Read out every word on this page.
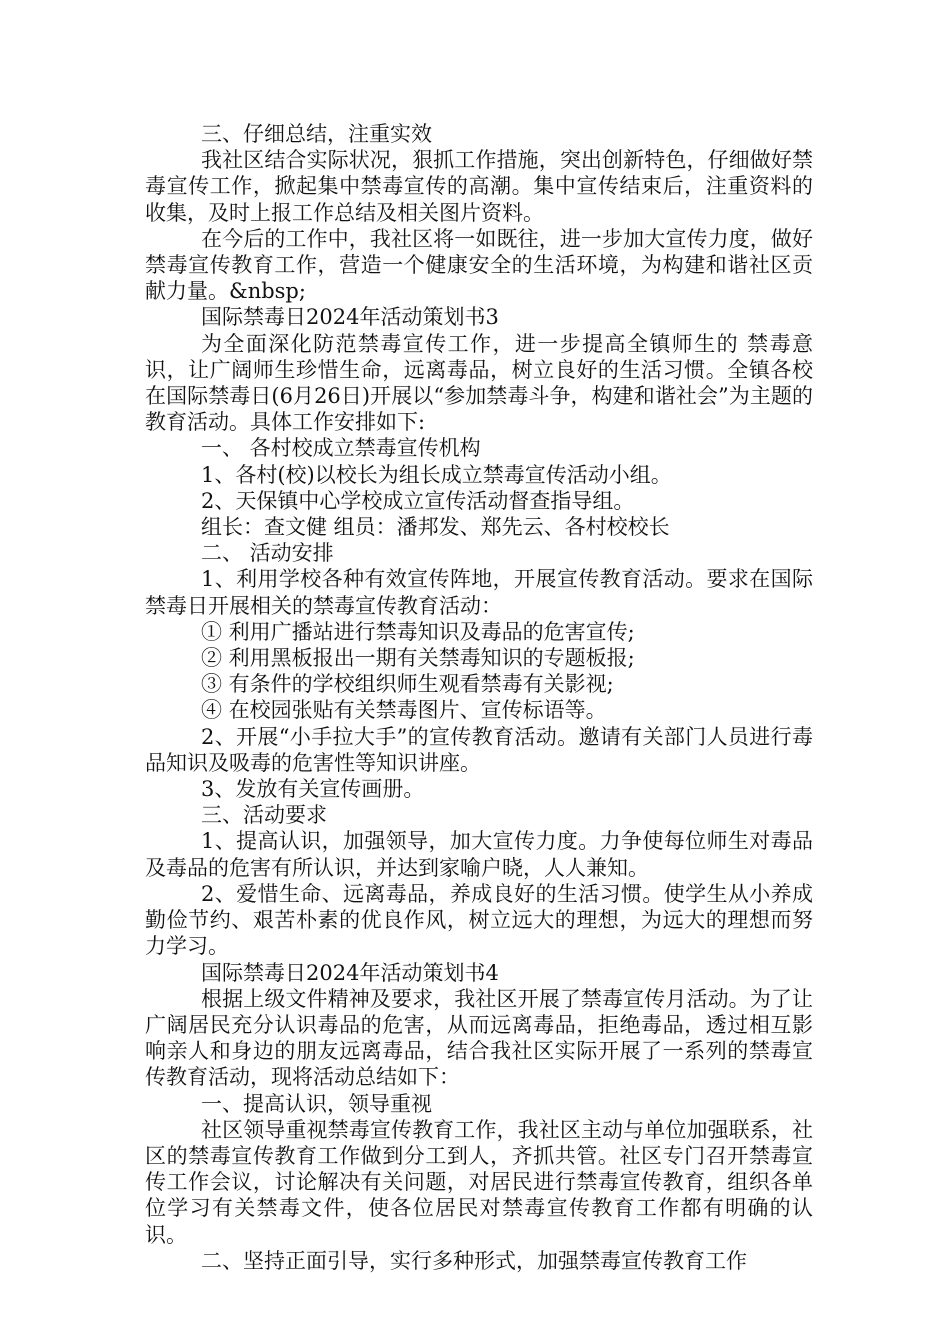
三、仔细总结，注重实效

我社区结合实际状况，狠抓工作措施，突出创新特色，仔细做好禁毒宣传工作，掀起集中禁毒宣传的高潮。集中宣传结束后，注重资料的收集，及时上报工作总结及相关图片资料。

在今后的工作中，我社区将一如既往，进一步加大宣传力度，做好禁毒宣传教育工作，营造一个健康安全的生活环境，为构建和谐社区贡献力量。&nbsp;

国际禁毒日2024年活动策划书3

为全面深化防范禁毒宣传工作，进一步提高全镇师生的 禁毒意识，让广阔师生珍惜生命，远离毒品，树立良好的生活习惯。全镇各校在国际禁毒日(6月26日)开展以“参加禁毒斗争，构建和谐社会”为主题的教育活动。具体工作安排如下:

一、 各村校成立禁毒宣传机构

1、各村(校)以校长为组长成立禁毒宣传活动小组。

2、天保镇中心学校成立宣传活动督查指导组。

组长：查文健 组员：潘邦发、郑先云、各村校校长

二、 活动安排

1、利用学校各种有效宣传阵地，开展宣传教育活动。要求在国际禁毒日开展相关的禁毒宣传教育活动：

① 利用广播站进行禁毒知识及毒品的危害宣传;

② 利用黑板报出一期有关禁毒知识的专题板报;

③ 有条件的学校组织师生观看禁毒有关影视;

④ 在校园张贴有关禁毒图片、宣传标语等。

2、开展“小手拉大手”的宣传教育活动。邀请有关部门人员进行毒品知识及吸毒的危害性等知识讲座。

3、发放有关宣传画册。

三、活动要求

1、提高认识，加强领导，加大宣传力度。力争使每位师生对毒品及毒品的危害有所认识，并达到家喻户晓，人人兼知。

2、爱惜生命、远离毒品，养成良好的生活习惯。使学生从小养成勤俭节约、艰苦朴素的优良作风，树立远大的理想，为远大的理想而努力学习。

国际禁毒日2024年活动策划书4

根据上级文件精神及要求，我社区开展了禁毒宣传月活动。为了让广阔居民充分认识毒品的危害，从而远离毒品，拒绝毒品，透过相互影响亲人和身边的朋友远离毒品，结合我社区实际开展了一系列的禁毒宣传教育活动，现将活动总结如下：

一、提高认识，领导重视

社区领导重视禁毒宣传教育工作，我社区主动与单位加强联系，社区的禁毒宣传教育工作做到分工到人，齐抓共管。社区专门召开禁毒宣传工作会议，讨论解决有关问题，对居民进行禁毒宣传教育，组织各单位学习有关禁毒文件，使各位居民对禁毒宣传教育工作都有明确的认识。

二、坚持正面引导，实行多种形式，加强禁毒宣传教育工作
